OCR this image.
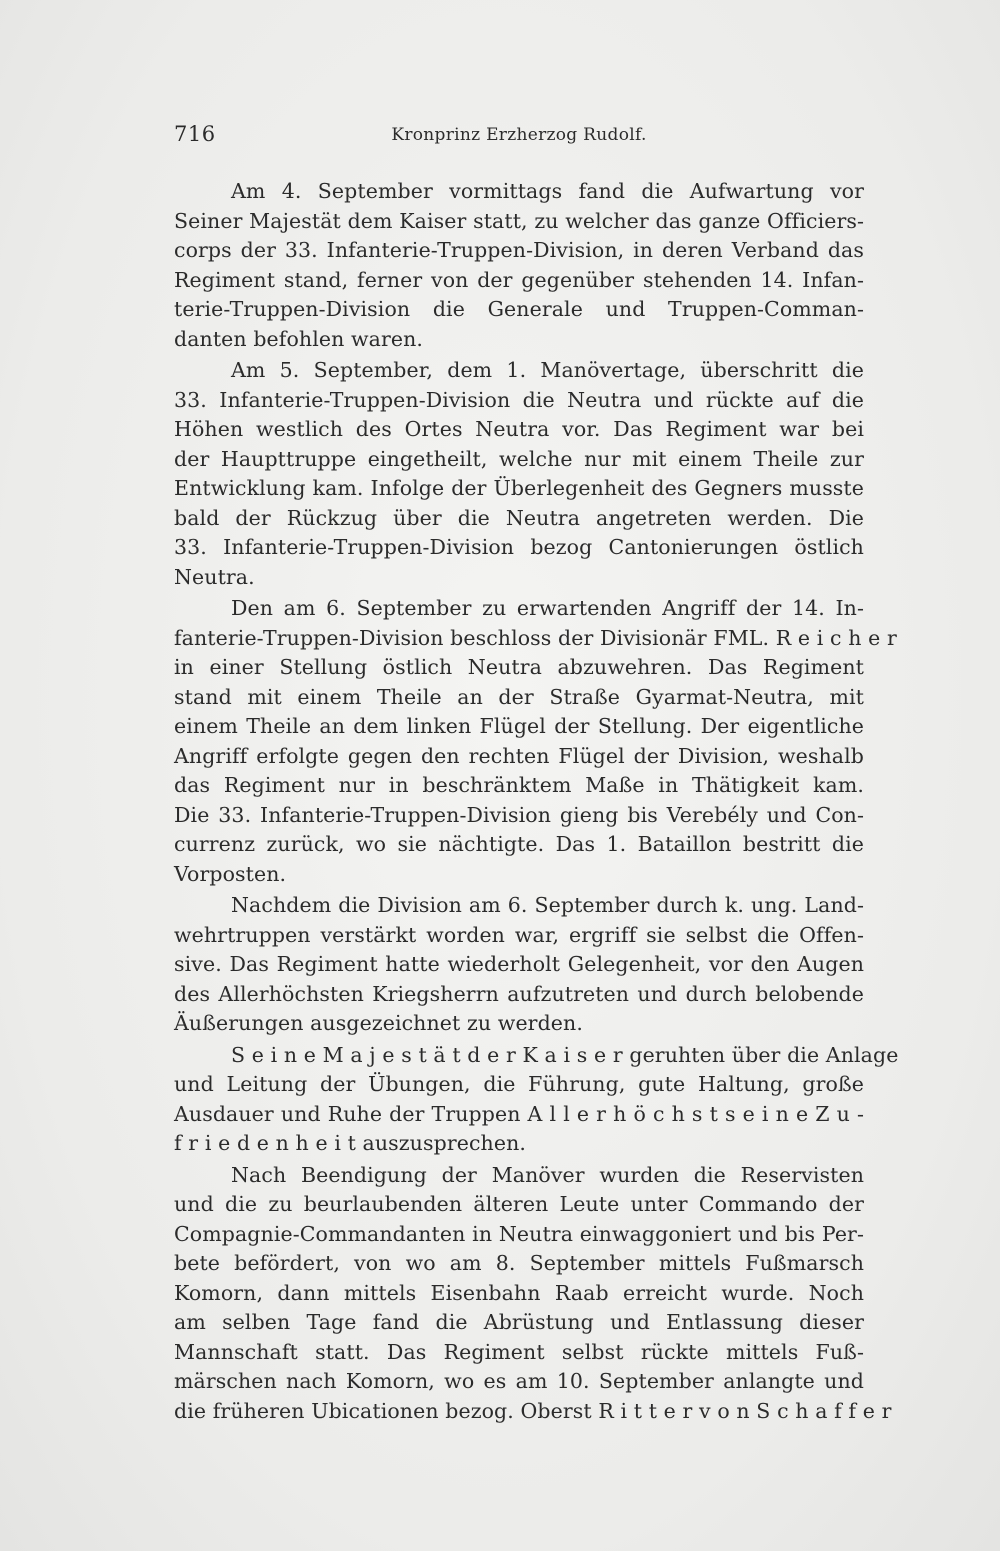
716	Kronprinz Erzherzog Rudolf.
Am 4. September vormittags fand die Aufwartung vor
Seiner Majestät dem Kaiser statt, zu welcher das ganze Officiers-
corps der 33. Infanterie-Truppen-Division, in deren Verband das
Regiment stand, ferner von der gegenüber stehenden 14. Infan-
terie-Truppen-Division die Generale und Truppen-Comman-
danten befohlen waren.
Am 5. September, dem 1. Manövertage, überschritt die
33. Infanterie-Truppen-Division die Neutra und rückte auf die
Höhen westlich des Ortes Neutra vor. Das Regiment war bei
der Haupttruppe eingetheilt, welche nur mit einem Theile zur
Entwicklung kam. Infolge der Überlegenheit des Gegners musste
bald der Rückzug über die Neutra angetreten werden. Die
33. Infanterie-Truppen-Division bezog Cantonierungen östlich
Neutra.
Den am 6. September zu erwartenden Angriff der 14. In-
fanterie-Truppen-Division beschloss der Divisionär FML. R e i c h e r
in einer Stellung östlich Neutra abzuwehren. Das Regiment
stand mit einem Theile an der Straße Gyarmat-Neutra, mit
einem Theile an dem linken Flügel der Stellung. Der eigentliche
Angriff erfolgte gegen den rechten Flügel der Division, weshalb
das Regiment nur in beschränktem Maße in Thätigkeit kam.
Die 33. Infanterie-Truppen-Division gieng bis Verebély und Con-
currenz zurück, wo sie nächtigte. Das 1. Bataillon bestritt die
Vorposten.
Nachdem die Division am 6. September durch k. ung. Land-
wehrtruppen verstärkt worden war, ergriff sie selbst die Offen-
sive. Das Regiment hatte wiederholt Gelegenheit, vor den Augen
des Allerhöchsten Kriegsherrn aufzutreten und durch belobende
Äußerungen ausgezeichnet zu werden.
S e i n e M a j e s t ä t d e r K a i s e r geruhten über die Anlage
und Leitung der Übungen, die Führung, gute Haltung, große
Ausdauer und Ruhe der Truppen A l l e r h ö c h s t s e i n e Z u -
f r i e d e n h e i t auszusprechen.
Nach Beendigung der Manöver wurden die Reservisten
und die zu beurlaubenden älteren Leute unter Commando der
Compagnie-Commandanten in Neutra einwaggoniert und bis Per-
bete befördert, von wo am 8. September mittels Fußmarsch
Komorn, dann mittels Eisenbahn Raab erreicht wurde. Noch
am selben Tage fand die Abrüstung und Entlassung dieser
Mannschaft statt. Das Regiment selbst rückte mittels Fuß-
märschen nach Komorn, wo es am 10. September anlangte und
die früheren Ubicationen bezog. Oberst R i t t e r v o n S c h a f f e r
